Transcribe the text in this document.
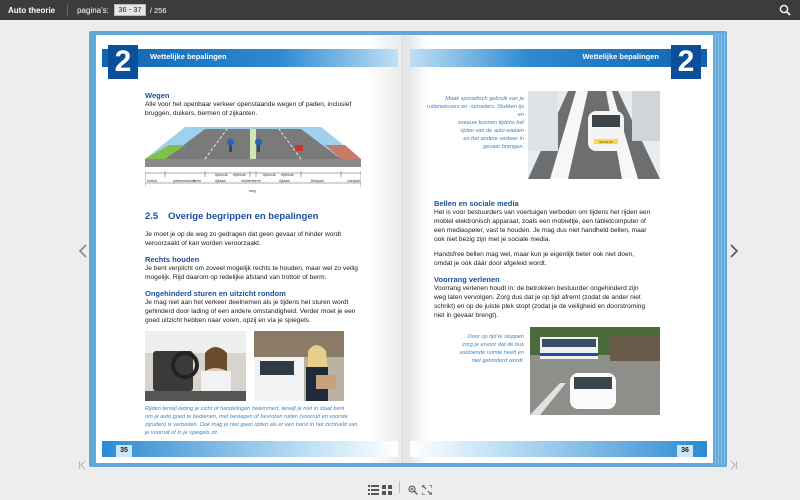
Auto theorie	pagina's:	36 - 37	/ 256
Wettelijke bepalingen
2
Wegen
Alle voor het openbaar verkeer openstaande wegen of paden, inclusief
bruggen, duikers, bermen of zijkanten.
trottoir	parkeerstrook
rijstrook rijstrook	rijstrook rijstrook
rijbaan	middenberm	rijbaan	fietspad	voetpad
berm
weg
2.5 Overige begrippen en bepalingen
Je moet je op de weg zo gedragen dat geen gevaar of hinder wordt
veroorzaakt of kan worden veroorzaakt.
Rechts houden
Je bent verplicht om zoveel mogelijk rechts te houden, maar wel zo veilig
mogelijk. Rijd daarom op redelijke afstand van trottoir of berm.
Ongehinderd sturen en uitzicht rondom
Je mag niet aan het verkeer deelnemen als je tijdens het sturen wordt
gehinderd door lading of een andere omstandigheid. Verder moet je een
goed uitzicht hebben naar voren, opzij en via je spiegels.
Rijden terwijl lading je zicht of handelingen belemmert, terwijl je niet in staat bent
om je auto goed te bedienen, met beslagen of bevroren ruiten (voorruit en voorste
zijruiten) is verboden. Ook mag je niet gaan rijden als er een barst in het zichtveld van
je voorruit of in je spiegels zit.
35
Wettelijke bepalingen 2
Maak sporadisch gebruik van je
ruitenwissers en -sproeiers. Stukken ijs en
sneeuw kunnen tijdens het
rijden van de auto waaien
en het andere verkeer in
gevaar brengen.
XX-XX-XX
Bellen en sociale media
Het is voor bestuurders van voertuigen verboden om tijdens het rijden een
mobiel elektronisch apparaat, zoals een mobieltje, een tabletcomputer of
een mediaspeler, vast te houden. Je mag dus niet handheld bellen, maar
ook niet bezig zijn met je sociale media.
Handsfree bellen mag wel, maar kun je eigenlijk beter ook niet doen,
omdat je ook dáár door afgeleid wordt.
Voorrang verlenen
Voorrang verlenen houdt in: de betrokken bestuurder ongehinderd zijn
weg laten vervolgen. Zorg dus dat je op tijd afremt (zodat de ander niet
schrikt) en op de juiste plek stopt (zodat je de veiligheid en doorstroming
niet in gevaar brengt).
Door op tijd te stoppen
zorg je ervoor dat de bus
voldoende ruimte heeft en
niet gehinderd wordt.
36
